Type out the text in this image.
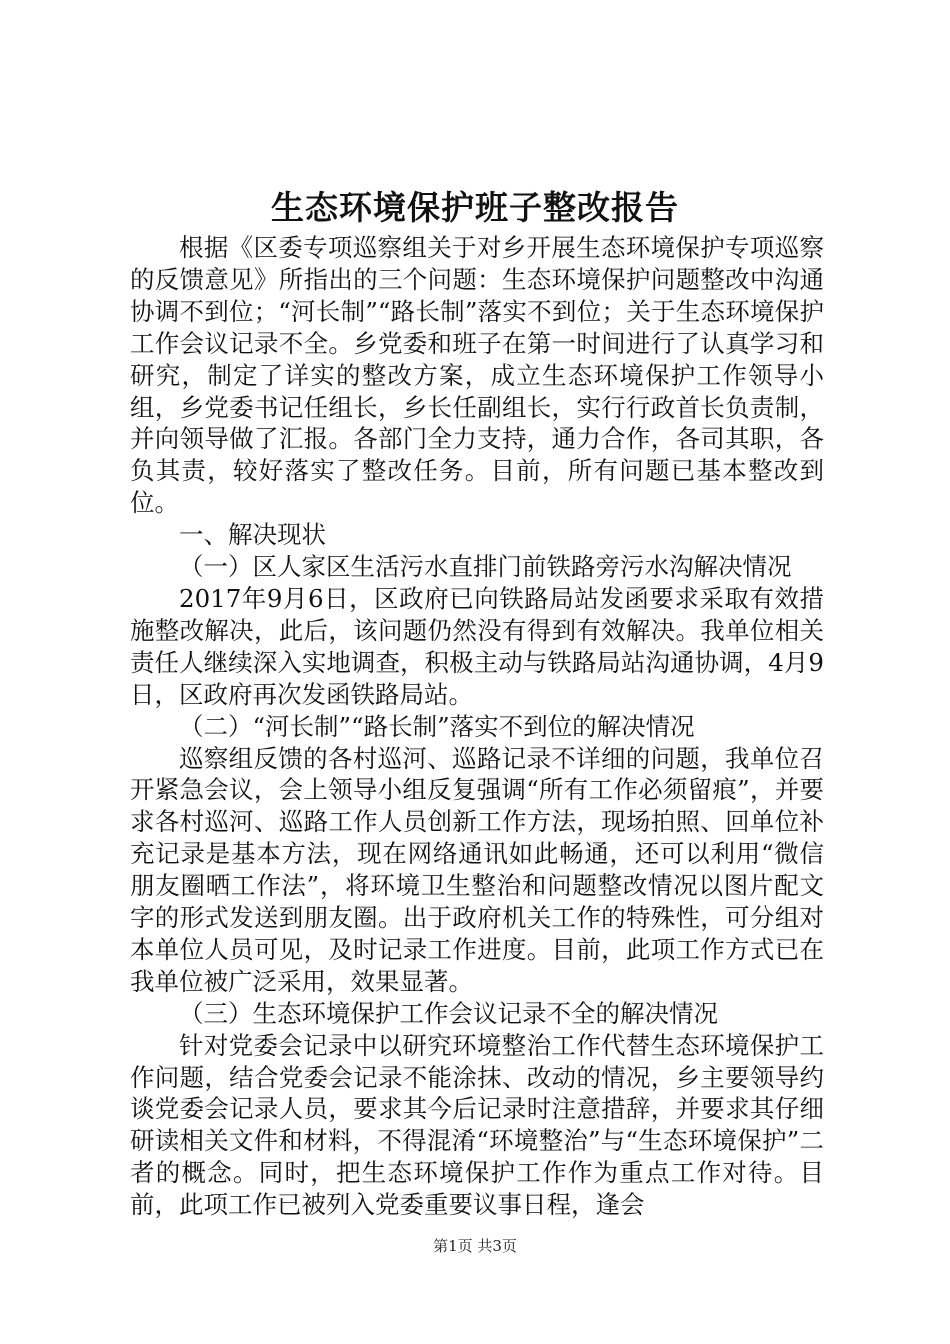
生态环境保护班子整改报告

根据《区委专项巡察组关于对乡开展生态环境保护专项巡察的反馈意见》所指出的三个问题：生态环境保护问题整改中沟通协调不到位；“河长制”“路长制”落实不到位；关于生态环境保护工作会议记录不全。乡党委和班子在第一时间进行了认真学习和研究，制定了详实的整改方案，成立生态环境保护工作领导小组，乡党委书记任组长，乡长任副组长，实行行政首长负责制，并向领导做了汇报。各部门全力支持，通力合作，各司其职，各负其责，较好落实了整改任务。目前，所有问题已基本整改到位。

一、解决现状

（一）区人家区生活污水直排门前铁路旁污水沟解决情况

2017年9月6日，区政府已向铁路局站发函要求采取有效措施整改解决，此后，该问题仍然没有得到有效解决。我单位相关责任人继续深入实地调查，积极主动与铁路局站沟通协调，4月9日，区政府再次发函铁路局站。

（二）“河长制”“路长制”落实不到位的解决情况

巡察组反馈的各村巡河、巡路记录不详细的问题，我单位召开紧急会议，会上领导小组反复强调“所有工作必须留痕”，并要求各村巡河、巡路工作人员创新工作方法，现场拍照、回单位补充记录是基本方法，现在网络通讯如此畅通，还可以利用“微信朋友圈晒工作法”，将环境卫生整治和问题整改情况以图片配文字的形式发送到朋友圈。出于政府机关工作的特殊性，可分组对本单位人员可见，及时记录工作进度。目前，此项工作方式已在我单位被广泛采用，效果显著。

（三）生态环境保护工作会议记录不全的解决情况

针对党委会记录中以研究环境整治工作代替生态环境保护工作问题，结合党委会记录不能涂抹、改动的情况，乡主要领导约谈党委会记录人员，要求其今后记录时注意措辞，并要求其仔细研读相关文件和材料，不得混淆“环境整治”与“生态环境保护”二者的概念。同时，把生态环境保护工作作为重点工作对待。目前，此项工作已被列入党委重要议事日程，逢会

第1页 共3页
